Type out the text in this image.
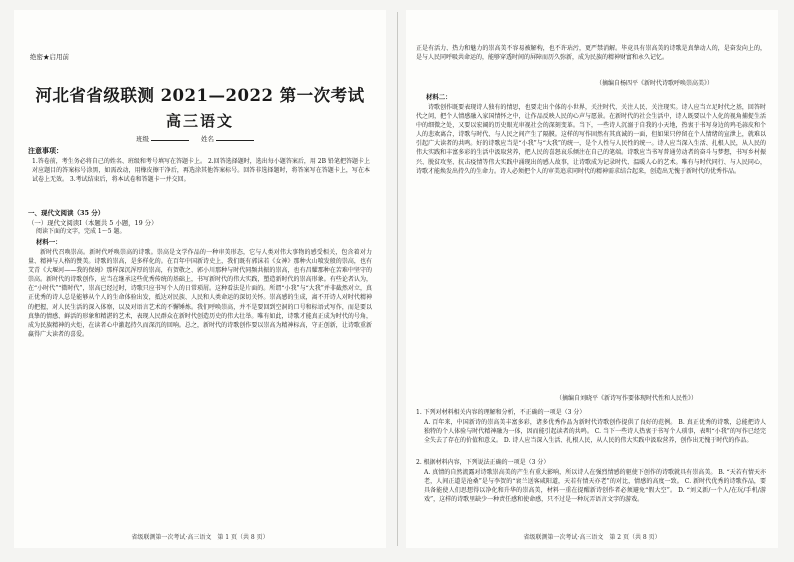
绝密★启用前
河北省省级联测 2021—2022 第一次考试
高三语文
班级	姓名
注意事项：
1.答卷前，考生务必将自己的姓名、班级和考号填写在答题卡上。 2.回答选择题时，选出每小题答案后，用 2B 铅笔把答题卡上对应题目的答案标号涂黑，如需改动，用橡皮擦干净后，再选涂其他答案标号。回答非选择题时，将答案写在答题卡上，写在本试卷上无效。 3.考试结束后，将本试卷和答题卡一并交回。
一、现代文阅读（35 分）
（一）现代文阅读Ⅰ（本题共 5 小题，19 分）
阅读下面的文字，完成 1～5 题。
材料一：
新时代召唤崇高。新时代呼唤崇高的诗歌。崇高是文学作品的一种审美形态，它与人类对伟大事物的感受相关，包含着对力量、精神与人格的赞美。诗歌的崇高，是多样化的。在百年中国新诗史上，我们既有郭沫若《女神》那种火山喷发般的崇高，也有艾青《大堰河——我的保姆》那样深沉浑厚的崇高，有贺敬之、郭小川那种与时代同频共振的崇高，也有昌耀那种在苦难中坚守的崇高。新时代的诗歌创作，应当在继承这些优秀传统的基础上，书写新时代的伟大实践，塑造新时代的崇高形象。有些论者认为，在“小时代”“微时代”，崇高已经过时，诗歌只应书写个人的日常琐屑。这种看法是片面的。所谓“小我”与“大我”并非截然对立，真正优秀的诗人总是能够从个人的生命体验出发，抵达对民族、人民和人类命运的深切关怀。崇高感的生成，离不开诗人对时代精神的把握，对人民生活的深入体察，以及对语言艺术的不懈锤炼。我们呼唤崇高，并不是要回到空洞的口号和标语式写作，而是要以真挚的情感、鲜活的形象和精湛的艺术，表现人民群众在新时代创造历史的伟大壮举。唯有如此，诗歌才能真正成为时代的号角，成为民族精神的火炬，在读者心中激起持久而深沉的回响。总之，新时代的诗歌创作要以崇高为精神标高，守正创新，让诗歌重新赢得广大读者的喜爱。
省级联测第一次考试·高三语文　第 1 页（共 8 页）
正是有活力、热力和魅力的崇高美不容易被解构，也不许玷污，更严禁消解。毕竟具有崇高美的诗歌是真挚动人的，是奋发向上的，是与人民同呼吸共命运的，能够穿透时间的屏障而历久弥新，成为民族的精神财富和永久记忆。
（摘编自杨四平《新时代诗歌呼唤崇高美》）
材料二：
诗歌创作既要表现诗人独有的情思，也要走出个体的小世界，关注时代、关注人民、关注现实。诗人应当立足时代之基，回答时代之问，把个人情感融入家国情怀之中，让作品反映人民的心声与愿景。在新时代的社会生活中，诗人既要以个人化的视角捕捉生活中的细微之处，又要以宏阔的历史眼光审视社会的深刻变革。当下，一些诗人沉溺于自我的小天地，热衷于书写身边的鸡毛蒜皮和个人的悲欢离合，诗歌与时代、与人民之间产生了隔膜。这样的写作固然有其真诚的一面，但如果只停留在个人情绪的宣泄上，就难以引起广大读者的共鸣。好的诗歌应当是“小我”与“大我”的统一，是个人性与人民性的统一。诗人应当深入生活、扎根人民，从人民的伟大实践和丰富多彩的生活中汲取营养，把人民的喜怒哀乐倾注在自己的笔端。诗歌应当书写普通劳动者的奋斗与梦想，书写乡村振兴、脱贫攻坚、抗击疫情等伟大实践中涌现出的感人故事，让诗歌成为记录时代、温暖人心的艺术。唯有与时代同行、与人民同心，诗歌才能焕发出持久的生命力。诗人必须把个人的审美追求同时代的精神需求结合起来，创造出无愧于新时代的优秀作品。
（摘编自刘晓平《新诗写作要体现时代性和人民性》）
1. 下列对材料相关内容的理解和分析，不正确的一项是（3 分）
A. 百年来，中国新诗的崇高美丰富多彩，诸多优秀作品为新时代诗歌创作提供了良好的范例。 B. 真正优秀的诗歌，总能把诗人独特的个人体验与时代精神融为一体，因而能引起读者的共鸣。 C. 当下一些诗人热衷于书写个人琐事，表明“小我”的写作已经完全失去了存在的价值和意义。 D. 诗人应当深入生活、扎根人民，从人民的伟大实践中汲取营养，创作出无愧于时代的作品。
2. 根据材料内容，下列说法正确的一项是（3 分）
A. 真情的自然流露对诗歌崇高美的产生有重大影响，所以诗人在强烈情感的驱使下创作的诗歌就具有崇高美。 B. “天若有情天亦老，人间正道是沧桑”是与李贺的“衰兰送客咸阳道，天若有情天亦老”的对比，情感的高度一致。 C. 新时代优秀的诗歌作品，要具备能使人们思想得以净化和升华的崇高美，材料一重在提醒新诗创作者必须避免“假大空”。 D. “刘义新/一个人/在玩/手机/游戏”，这样的诗歌里缺少一种责任感和使命感，只不过是一种玩弄语言文字的游戏。
省级联测第一次考试·高三语文　第 2 页（共 8 页）
